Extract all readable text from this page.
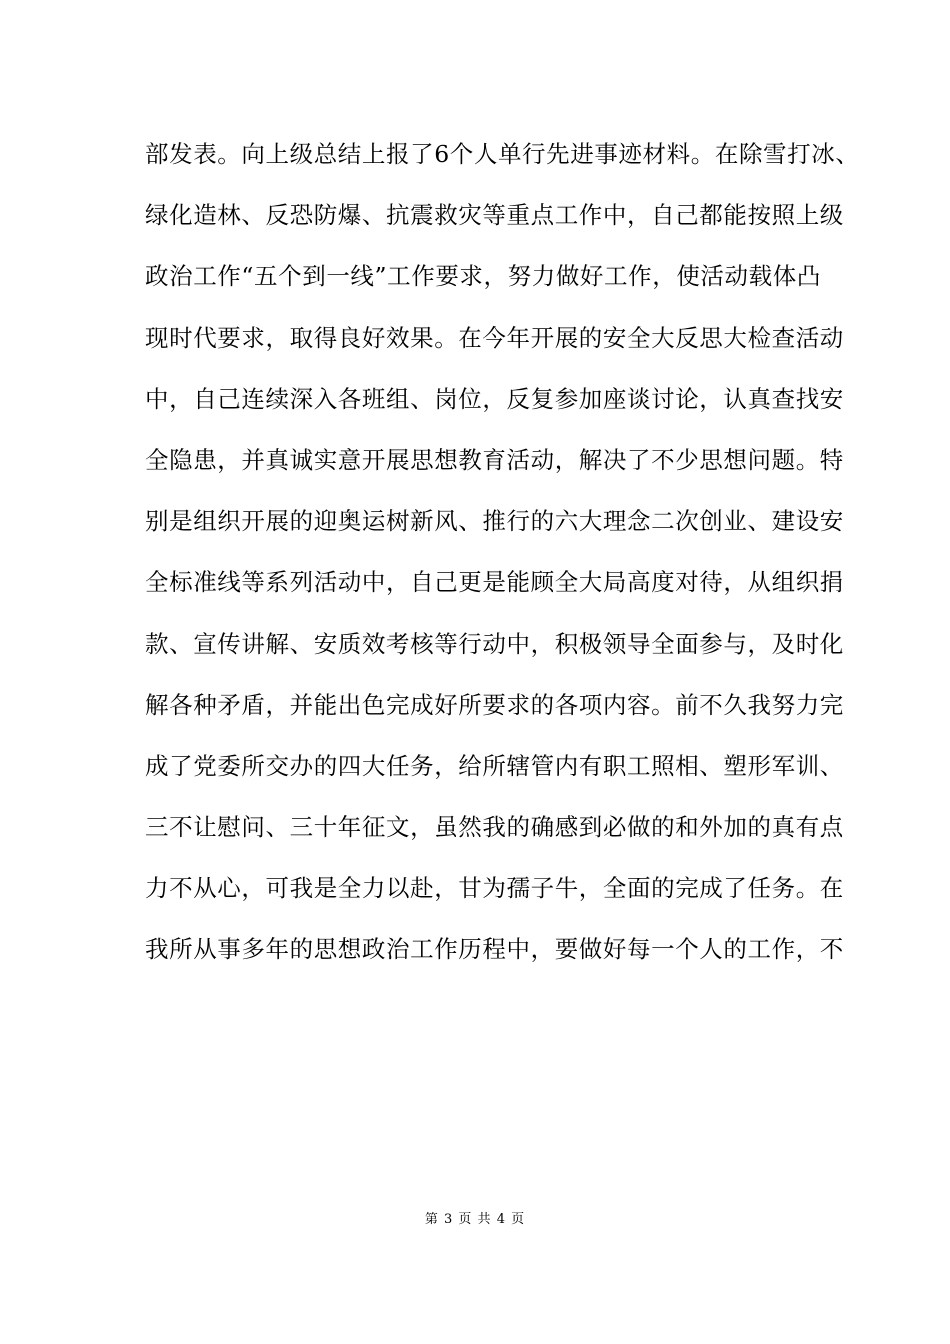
部发表。向上级总结上报了6个人单行先进事迹材料。在除雪打冰、
绿化造林、反恐防爆、抗震救灾等重点工作中，自己都能按照上级
政治工作“五个到一线”工作要求，努力做好工作，使活动载体凸
现时代要求，取得良好效果。在今年开展的安全大反思大检查活动
中，自己连续深入各班组、岗位，反复参加座谈讨论，认真查找安
全隐患，并真诚实意开展思想教育活动，解决了不少思想问题。特
别是组织开展的迎奥运树新风、推行的六大理念二次创业、建设安
全标准线等系列活动中，自己更是能顾全大局高度对待，从组织捐
款、宣传讲解、安质效考核等行动中，积极领导全面参与，及时化
解各种矛盾，并能出色完成好所要求的各项内容。前不久我努力完
成了党委所交办的四大任务，给所辖管内有职工照相、塑形军训、
三不让慰问、三十年征文，虽然我的确感到必做的和外加的真有点
力不从心，可我是全力以赴，甘为孺子牛，全面的完成了任务。在
我所从事多年的思想政治工作历程中，要做好每一个人的工作，不
第 3 页 共 4 页
